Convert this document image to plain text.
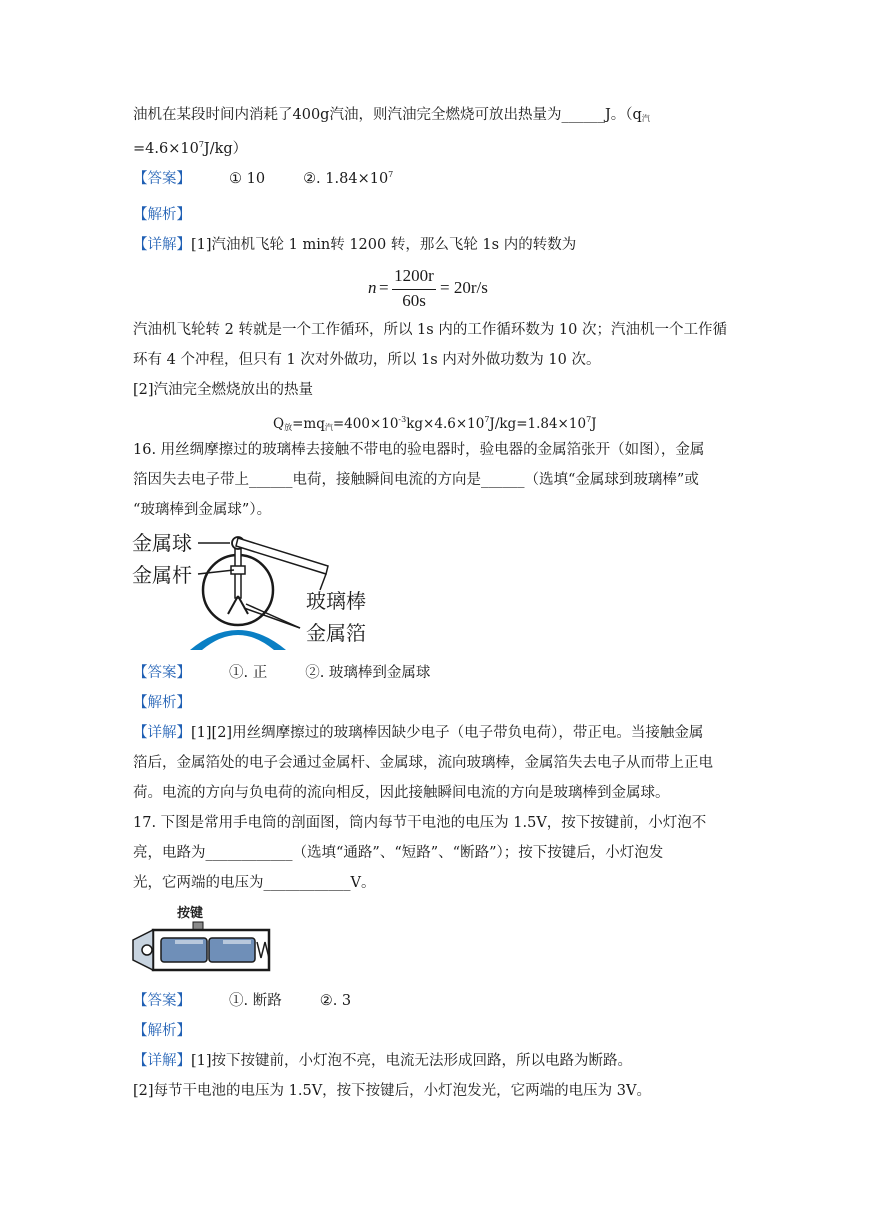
油机在某段时间内消耗了400g汽油，则汽油完全燃烧可放出热量为______J。（$q_汽$
$=4.6\times 10^7J/kg$）
【答案】	① 10	②. $1.84\times 10^7$
【解析】
【详解】[1]汽油机飞轮 1 min转 1200 转，那么飞轮 1s 内的转数为
n =
1200r
60s
= 20r/s
汽油机飞轮转 2 转就是一个工作循环，所以 1s 内的工作循环数为 10 次；汽油机一个工作循
环有 4 个冲程，但只有 1 次对外做功，所以 1s 内对外做功数为 10 次。
[2]汽油完全燃烧放出的热量
$Q_放=mq_汽=400\times 10^{-3}kg\times 4.6\times 10^7J/kg=1.84\times 10^7J$
16. 用丝绸摩擦过的玻璃棒去接触不带电的验电器时，验电器的金属箔张开（如图），金属
箔因失去电子带上______电荷，接触瞬间电流的方向是______（选填“金属球到玻璃棒”或
“玻璃棒到金属球”）。
金属球
金属杆
玻璃棒
金属箔
【答案】	①. 正	②. 玻璃棒到金属球
【解析】
【详解】[1][2]用丝绸摩擦过的玻璃棒因缺少电子（电子带负电荷），带正电。当接触金属
箔后，金属箔处的电子会通过金属杆、金属球，流向玻璃棒，金属箔失去电子从而带上正电
荷。电流的方向与负电荷的流向相反，因此接触瞬间电流的方向是玻璃棒到金属球。
17. 下图是常用手电筒的剖面图，筒内每节干电池的电压为 1.5V，按下按键前，小灯泡不
亮，电路为____________（选填“通路”、“短路”、“断路”）；按下按键后，小灯泡发
光，它两端的电压为____________V。
按键
【答案】	①. 断路	②. 3
【解析】
【详解】[1]按下按键前，小灯泡不亮，电流无法形成回路，所以电路为断路。
[2]每节干电池的电压为 1.5V，按下按键后，小灯泡发光，它两端的电压为 3V。
